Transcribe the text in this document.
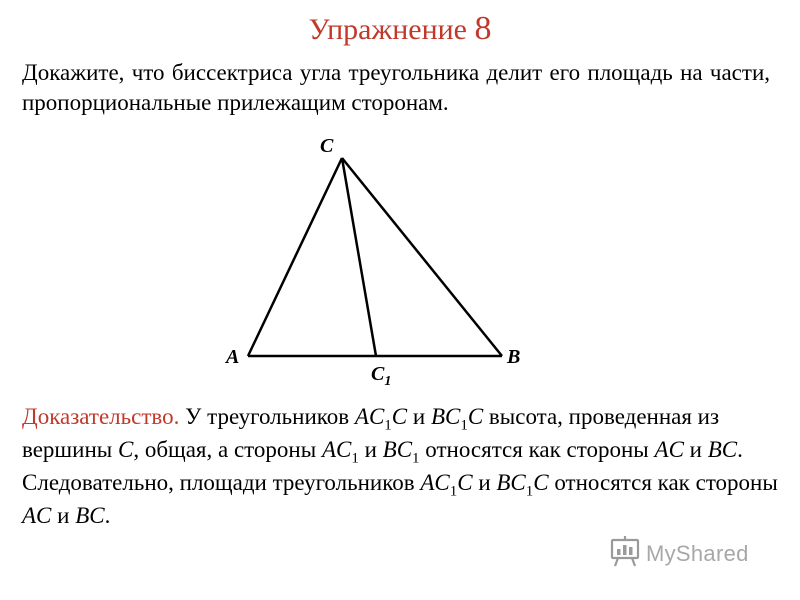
Упражнение 8
Докажите, что биссектриса угла треугольника делит его площадь на части, пропорциональные прилежащим сторонам.
C
A	B
$C_1$
Доказательство. У треугольников $AC_1C$ и $BC_1C$ высота, проведенная из вершины C, общая, а стороны $AC_1$ и $BC_1$ относятся как стороны AC и BC. Следовательно, площади треугольников $AC_1C$ и $BC_1C$ относятся как стороны AC и BC.
MyShared
